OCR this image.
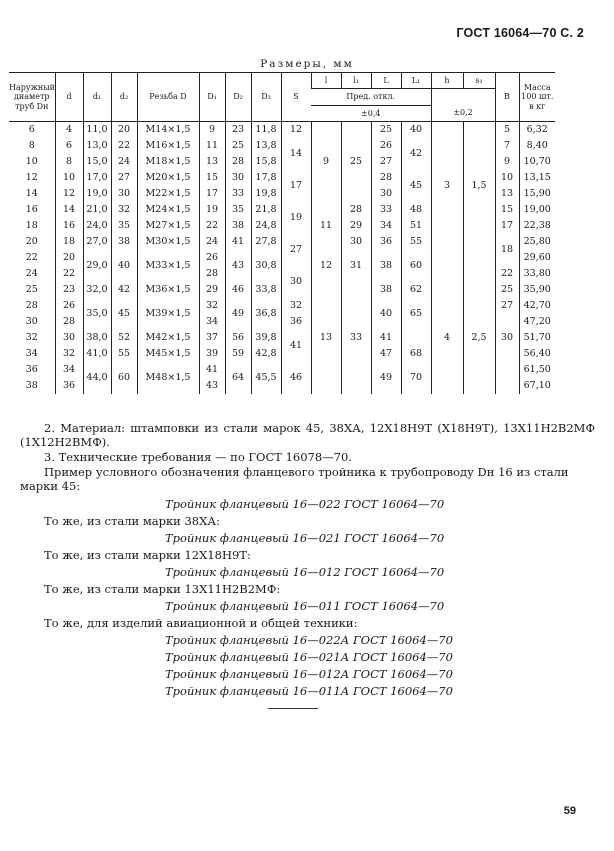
ГОСТ 16064—70 С. 2
Размеры, мм
Наружный диаметр труб Dн	d	d₁	d₂	Резьба D	D₁	D₂	D₃	S	l	l₁	L	L₁	h	s₁	B	Масса 100 шт. в кг
									Пред. откл.							
									±0,4				±0,2			
6	4	11,0	20	M14×1,5	9	23	11,8	12	9	25	25	40	3	1,5	5	6,32
8	6	13,0	22	M16×1,5	11	25	13,8	14			26	42			7	8,40
10	8	15,0	24	M18×1,5	13	28	15,8				27				9	10,70
12	10	17,0	27	M20×1,5	15	30	17,8	17			28	45			10	13,15
14	12	19,0	30	M22×1,5	17	33	19,8				30				13	15,90
16	14	21,0	32	M24×1,5	19	35	21,8	19	11	28	33	48			15	19,00
18	16	24,0	35	M27×1,5	22	38	24,8			29	34	51			17	22,38
20	18	27,0	38	M30×1,5	24	41	27,8	27		30	36	55			18	25,80
22	20	29,0	40	M33×1,5	26	43	30,8		12	31	38	60				29,60
24	22				28			30							22	33,80
25	23	32,0	42	M36×1,5	29	46	33,8		13	33	38	62	4	2,5	25	35,90
28	26	35,0	45	M39×1,5	32	49	36,8	32			40	65			27	42,70
30	28				34			36							30	47,20
32	30	38,0	52	M42×1,5	37	56	39,8	41			41					51,70
34	32	41,0	55	M45×1,5	39	59	42,8				47	68				56,40
36	34	44,0	60	M48×1,5	41	64	45,5	46			49	70				61,50
38	36				43											67,10
2. Материал: штамповки из стали марок 45, 38ХА, 12Х18Н9Т (Х18Н9Т), 13Х11Н2В2МФ (1Х12Н2ВМФ).
3. Технические требования — по ГОСТ 16078—70.
Пример условного обозначения фланцевого тройника к трубопроводу Dн 16 из стали марки 45:
Тройник фланцевый 16—022 ГОСТ 16064—70
То же, из стали марки 38ХА:
Тройник фланцевый 16—021 ГОСТ 16064—70
То же, из стали марки 12Х18Н9Т:
Тройник фланцевый 16—012 ГОСТ 16064—70
То же, из стали марки 13Х11Н2В2МФ:
Тройник фланцевый 16—011 ГОСТ 16064—70
То же, для изделий авиационной и общей техники:
Тройник фланцевый 16—022А ГОСТ 16064—70
Тройник фланцевый 16—021А ГОСТ 16064—70
Тройник фланцевый 16—012А ГОСТ 16064—70
Тройник фланцевый 16—011А ГОСТ 16064—70
59
